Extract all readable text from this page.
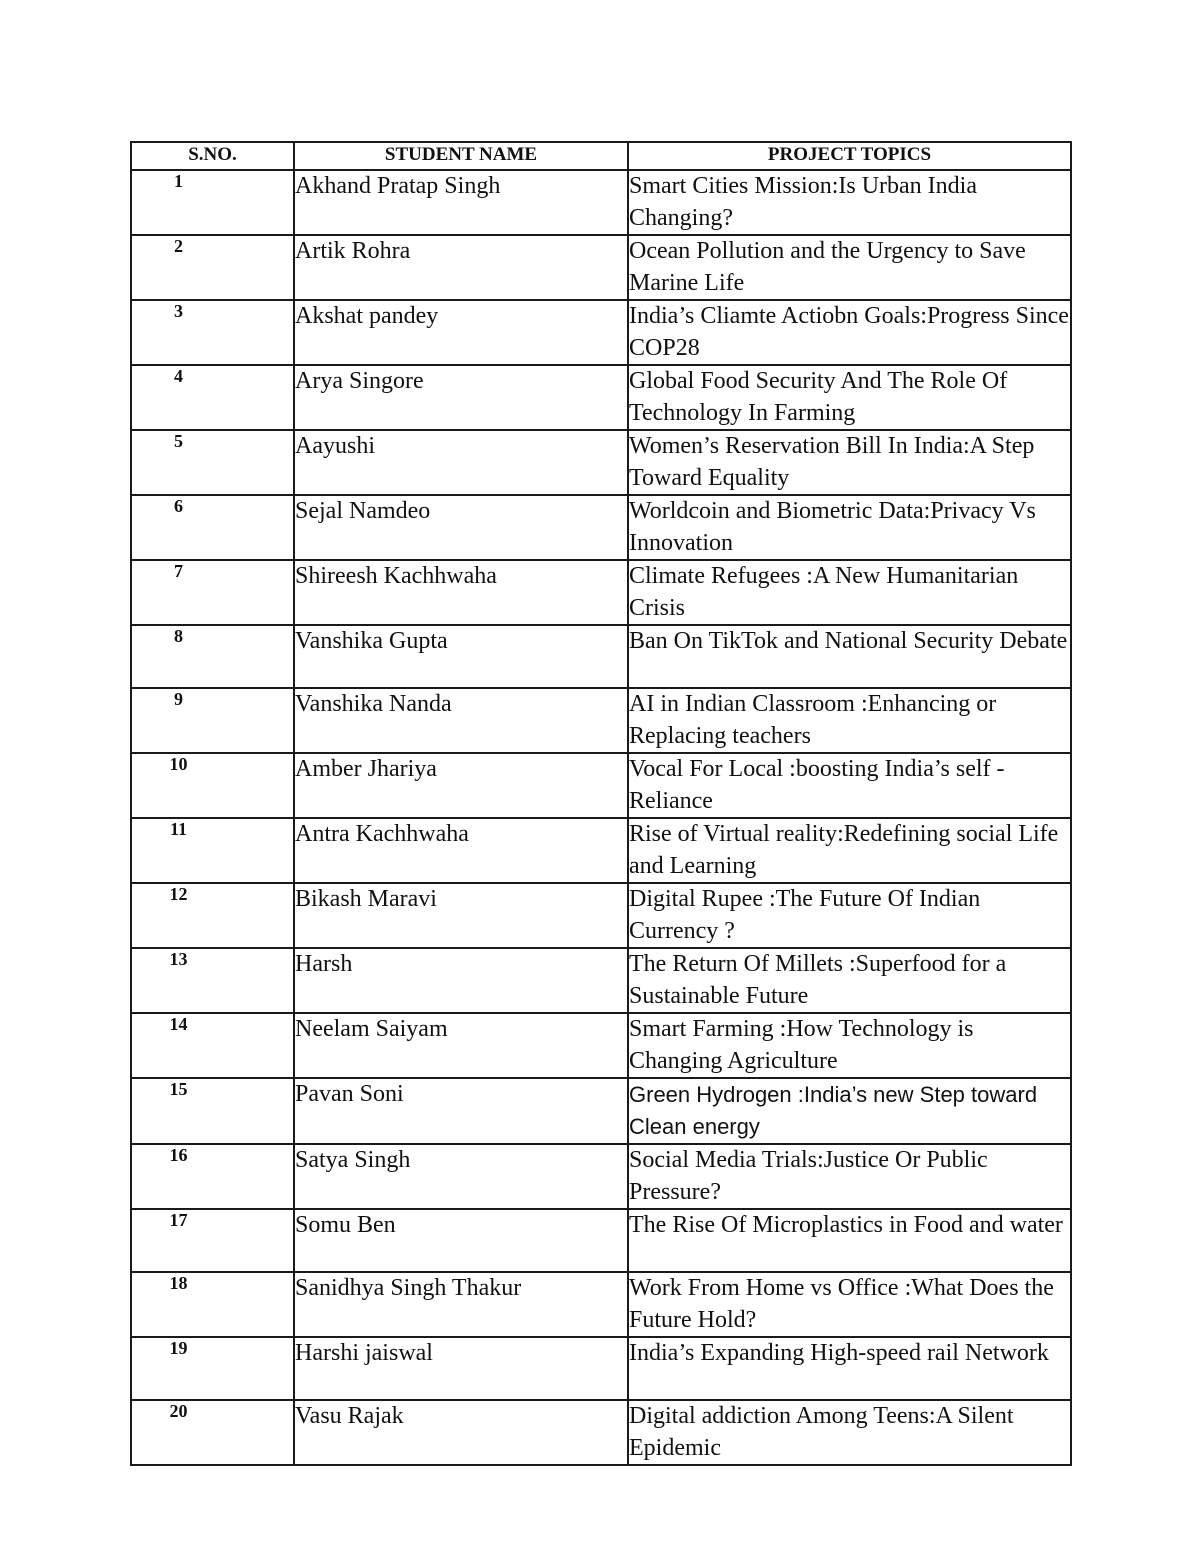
S.NO.	STUDENT NAME	PROJECT TOPICS
1	Akhand Pratap Singh	Smart Cities Mission:Is Urban India Changing?
2	Artik Rohra	Ocean Pollution and the Urgency to Save Marine Life
3	Akshat pandey	India’s Cliamte Actiobn Goals:Progress Since COP28
4	Arya Singore	Global Food Security And The Role Of Technology In Farming
5	Aayushi	Women’s Reservation Bill In India:A Step Toward Equality
6	Sejal Namdeo	Worldcoin and Biometric Data:Privacy Vs Innovation
7	Shireesh Kachhwaha	Climate Refugees :A New Humanitarian Crisis
8	Vanshika Gupta	Ban On TikTok and National Security Debate
9	Vanshika Nanda	AI in Indian Classroom :Enhancing or Replacing teachers
10	Amber Jhariya	Vocal For Local :boosting India’s self -Reliance
11	Antra Kachhwaha	Rise of Virtual reality:Redefining social Life and Learning
12	Bikash Maravi	Digital Rupee :The Future Of Indian Currency ?
13	Harsh	The Return Of Millets :Superfood for a Sustainable Future
14	Neelam Saiyam	Smart Farming :How Technology is Changing Agriculture
15	Pavan Soni	Green Hydrogen :India’s new Step toward Clean energy
16	Satya Singh	Social Media Trials:Justice Or Public Pressure?
17	Somu Ben	The Rise Of Microplastics in Food and water
18	Sanidhya Singh Thakur	Work From Home vs Office :What Does the Future Hold?
19	Harshi jaiswal	India’s Expanding High-speed rail Network
20	Vasu Rajak	Digital addiction Among Teens:A Silent Epidemic
